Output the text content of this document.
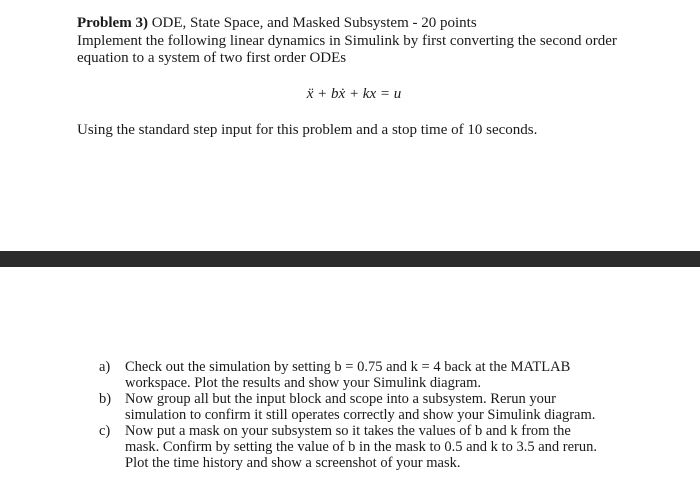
Problem 3) ODE, State Space, and Masked Subsystem - 20 points
Implement the following linear dynamics in Simulink by first converting the second order
equation to a system of two first order ODEs
ẍ + bẋ + kx = u
Using the standard step input for this problem and a stop time of 10 seconds.
a)	Check out the simulation by setting b = 0.75 and k = 4 back at the MATLAB
workspace. Plot the results and show your Simulink diagram.
b) Now group all but the input block and scope into a subsystem. Rerun your
simulation to confirm it still operates correctly and show your Simulink diagram.
c)	Now put a mask on your subsystem so it takes the values of b and k from the
mask. Confirm by setting the value of b in the mask to 0.5 and k to 3.5 and rerun.
Plot the time history and show a screenshot of your mask.
